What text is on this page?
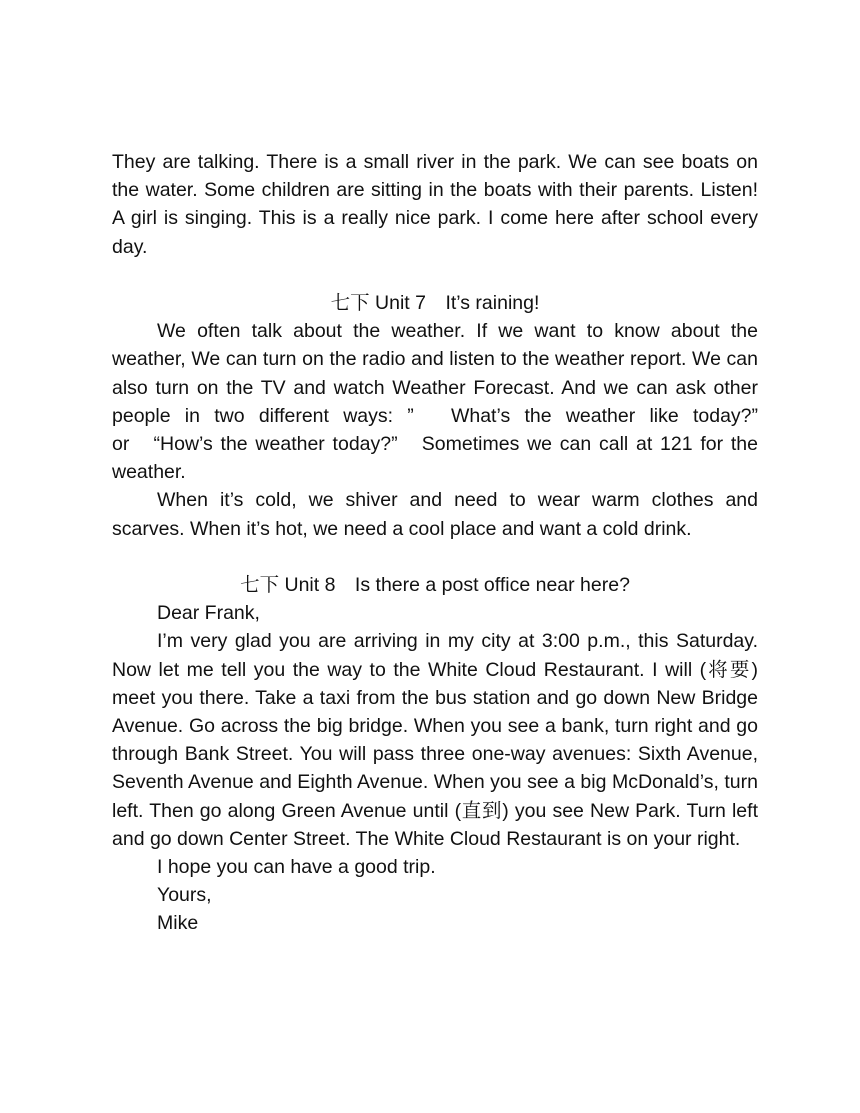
They are talking. There is a small river in the park. We can see boats on the water. Some children are sitting in the boats with their parents. Listen! A girl is singing. This is a really nice park. I come here after school every day.

七下 Unit 7　It’s raining!

We often talk about the weather. If we want to know about the weather, We can turn on the radio and listen to the weather report. We can also turn on the TV and watch Weather Forecast. And we can ask other people in two different ways: ”　What’s the weather like today?”　or　“How’s the weather today?”　Sometimes we can call at 121 for the weather.

When it’s cold, we shiver and need to wear warm clothes and scarves. When it’s hot, we need a cool place and want a cold drink.

七下 Unit 8　Is there a post office near here?

Dear Frank,

I’m very glad you are arriving in my city at 3:00 p.m., this Saturday. Now let me tell you the way to the White Cloud Restaurant. I will (将要) meet you there. Take a taxi from the bus station and go down New Bridge Avenue. Go across the big bridge. When you see a bank, turn right and go through Bank Street. You will pass three one-way avenues: Sixth Avenue, Seventh Avenue and Eighth Avenue. When you see a big McDonald’s, turn left. Then go along Green Avenue until (直到) you see New Park. Turn left and go down Center Street. The White Cloud Restaurant is on your right.

I hope you can have a good trip.

Yours,

Mike
